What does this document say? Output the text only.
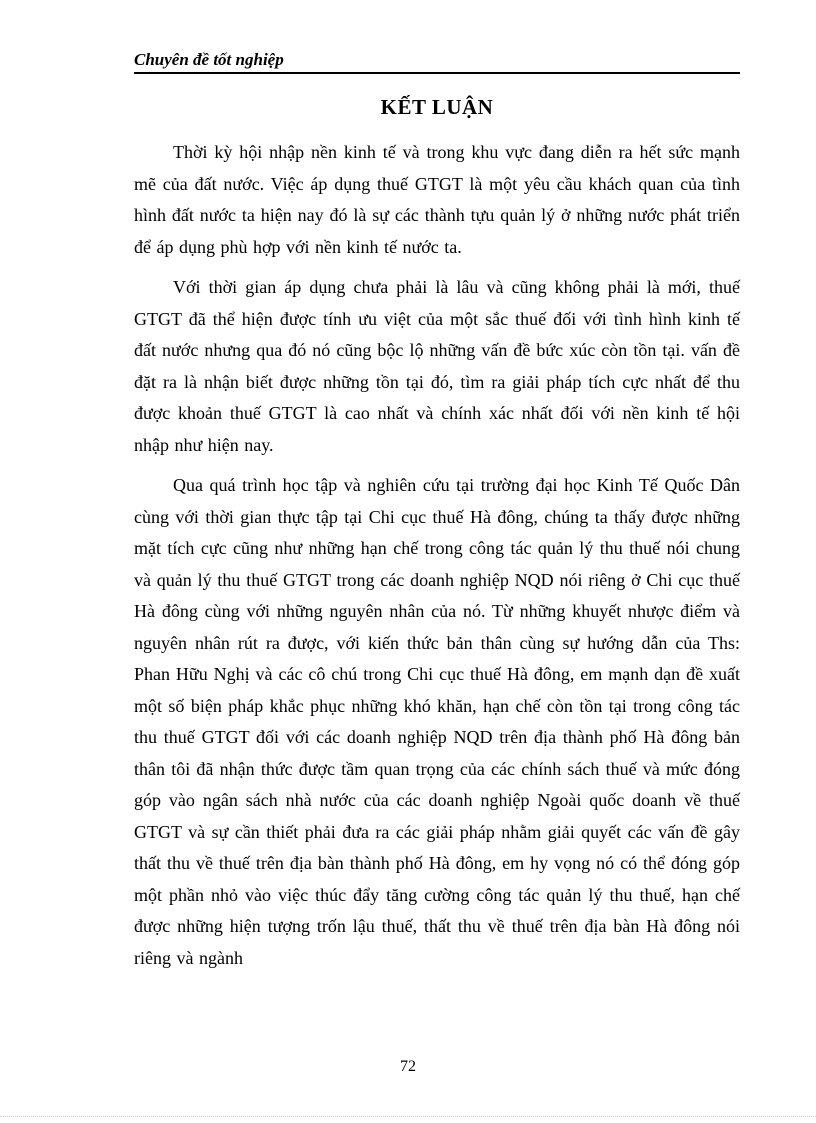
Chuyên đề tốt nghiệp
KẾT LUẬN

Thời kỳ hội nhập nền kinh tế và trong khu vực đang diễn ra hết sức mạnh mẽ của đất nước. Việc áp dụng thuế GTGT là một yêu cầu khách quan của tình hình đất nước ta hiện nay đó là sự các thành tựu quản lý ở những nước phát triển để áp dụng phù hợp với nền kinh tế nước ta.

Với thời gian áp dụng chưa phải là lâu và cũng không phải là mới, thuế GTGT đã thể hiện được tính ưu việt của một sắc thuế đối với tình hình kinh tế đất nước nhưng qua đó nó cũng bộc lộ những vấn đề bức xúc còn tồn tại. vấn đề đặt ra là nhận biết được những tồn tại đó, tìm ra giải pháp tích cực nhất để thu được khoản thuế GTGT là cao nhất và chính xác nhất đối với nền kinh tế hội nhập như hiện nay.

Qua quá trình học tập và nghiên cứu tại trường đại học Kinh Tế Quốc Dân cùng với thời gian thực tập tại Chi cục thuế Hà đông, chúng ta thấy được những mặt tích cực cũng như những hạn chế trong công tác quản lý thu thuế nói chung và quản lý thu thuế GTGT trong các doanh nghiệp NQD nói riêng ở Chi cục thuế Hà đông cùng với những nguyên nhân của nó. Từ những khuyết nhược điểm và nguyên nhân rút ra được, với kiến thức bản thân cùng sự hướng dẫn của Ths: Phan Hữu Nghị và các cô chú trong Chi cục thuế Hà đông, em mạnh dạn đề xuất một số biện pháp khắc phục những khó khăn, hạn chế còn tồn tại trong công tác thu thuế GTGT đối với các doanh nghiệp NQD trên địa thành phố Hà đông bản thân tôi đã nhận thức được tầm quan trọng của các chính sách thuế và mức đóng góp vào ngân sách nhà nước của các doanh nghiệp Ngoài quốc doanh về thuế GTGT và sự cần thiết phải đưa ra các giải pháp nhằm giải quyết các vấn đề gây thất thu về thuế trên địa bàn thành phố Hà đông, em hy vọng nó có thể đóng góp một phần nhỏ vào việc thúc đẩy tăng cường công tác quản lý thu thuế, hạn chế được những hiện tượng trốn lậu thuế, thất thu về thuế trên địa bàn Hà đông nói riêng và ngành

72
